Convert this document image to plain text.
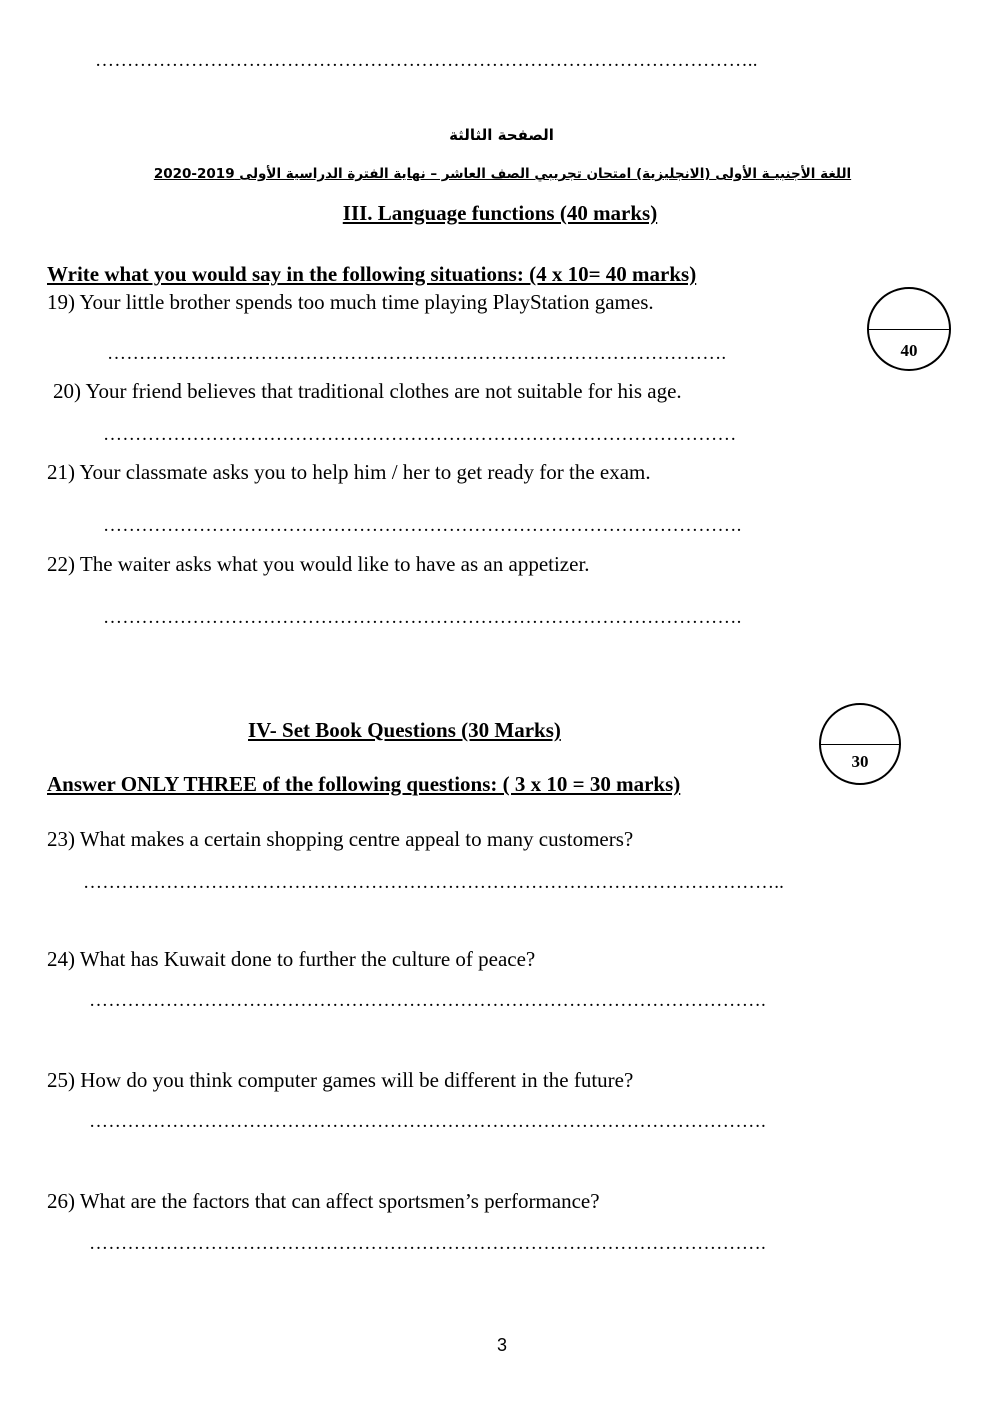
…………………………………………………………………………………………..
الصفحة الثالثة
اللغة الأجنبيـة الأولى (الانجليزية) امتحان تجريبي الصف العاشر – نهاية الفترة الدراسية الأولى 2019-2020
III. Language functions (40 marks)
Write what you would say in the following situations: (4 x 10= 40 marks)
40
19) Your little brother spends too much time playing PlayStation games.
…………………………………………………………………………………….
20) Your friend believes that traditional clothes are not suitable for his age.
………………………………………………………………………………………
21) Your classmate asks you to help him / her to get ready for the exam.
……………………………………………………………………………………….
22) The waiter asks what you would like to have as an appetizer.
……………………………………………………………………………………….
IV- Set Book Questions (30 Marks)
30
Answer ONLY THREE of the following questions: ( 3 x 10 = 30 marks)
23) What makes a certain shopping centre appeal to many customers?
………………………………………………………………………………………………..
24) What has Kuwait done to further the culture of peace?
…………………………………………………………………………………………….
25) How do you think computer games will be different in the future?
…………………………………………………………………………………………….
26) What are the factors that can affect sportsmen’s performance?
…………………………………………………………………………………………….
3
